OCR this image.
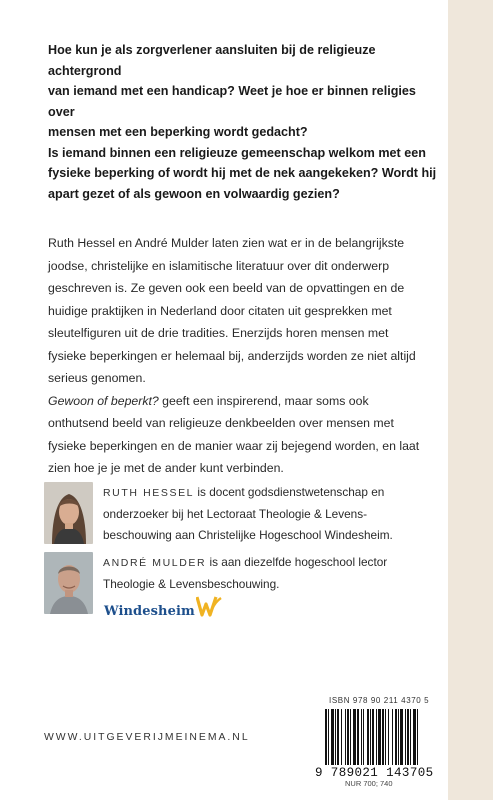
Hoe kun je als zorgverlener aansluiten bij de religieuze achtergrond

van iemand met een handicap? Weet je hoe er binnen religies over

mensen met een beperking wordt gedacht?

Is iemand binnen een religieuze gemeenschap welkom met een

fysieke beperking of wordt hij met de nek aangekeken? Wordt hij

apart gezet of als gewoon en volwaardig gezien?

Ruth Hessel en André Mulder laten zien wat er in de belangrijkste

joodse, christelijke en islamitische literatuur over dit onderwerp

geschreven is. Ze geven ook een beeld van de opvattingen en de

huidige praktijken in Nederland door citaten uit gesprekken met

sleutelfiguren uit de drie tradities. Enerzijds horen mensen met

fysieke beperkingen er helemaal bij, anderzijds worden ze niet altijd

serieus genomen.

Gewoon of beperkt? geeft een inspirerend, maar soms ook

onthutsend beeld van religieuze denkbeelden over mensen met

fysieke beperkingen en de manier waar zij bejegend worden, en laat

zien hoe je je met de ander kunt verbinden.

RUTH HESSEL is docent godsdienstwetenschap en
onderzoeker bij het Lectoraat Theologie & Levens-
beschouwing aan Christelijke Hogeschool Windesheim.
ANDRÉ MULDER is aan diezelfde hogeschool lector
Theologie & Levensbeschouwing.
Windesheim
WWW.UITGEVERIJMEINEMA.NL
ISBN 978 90 211 4370 5
9 789021 143705
NUR 700; 740
